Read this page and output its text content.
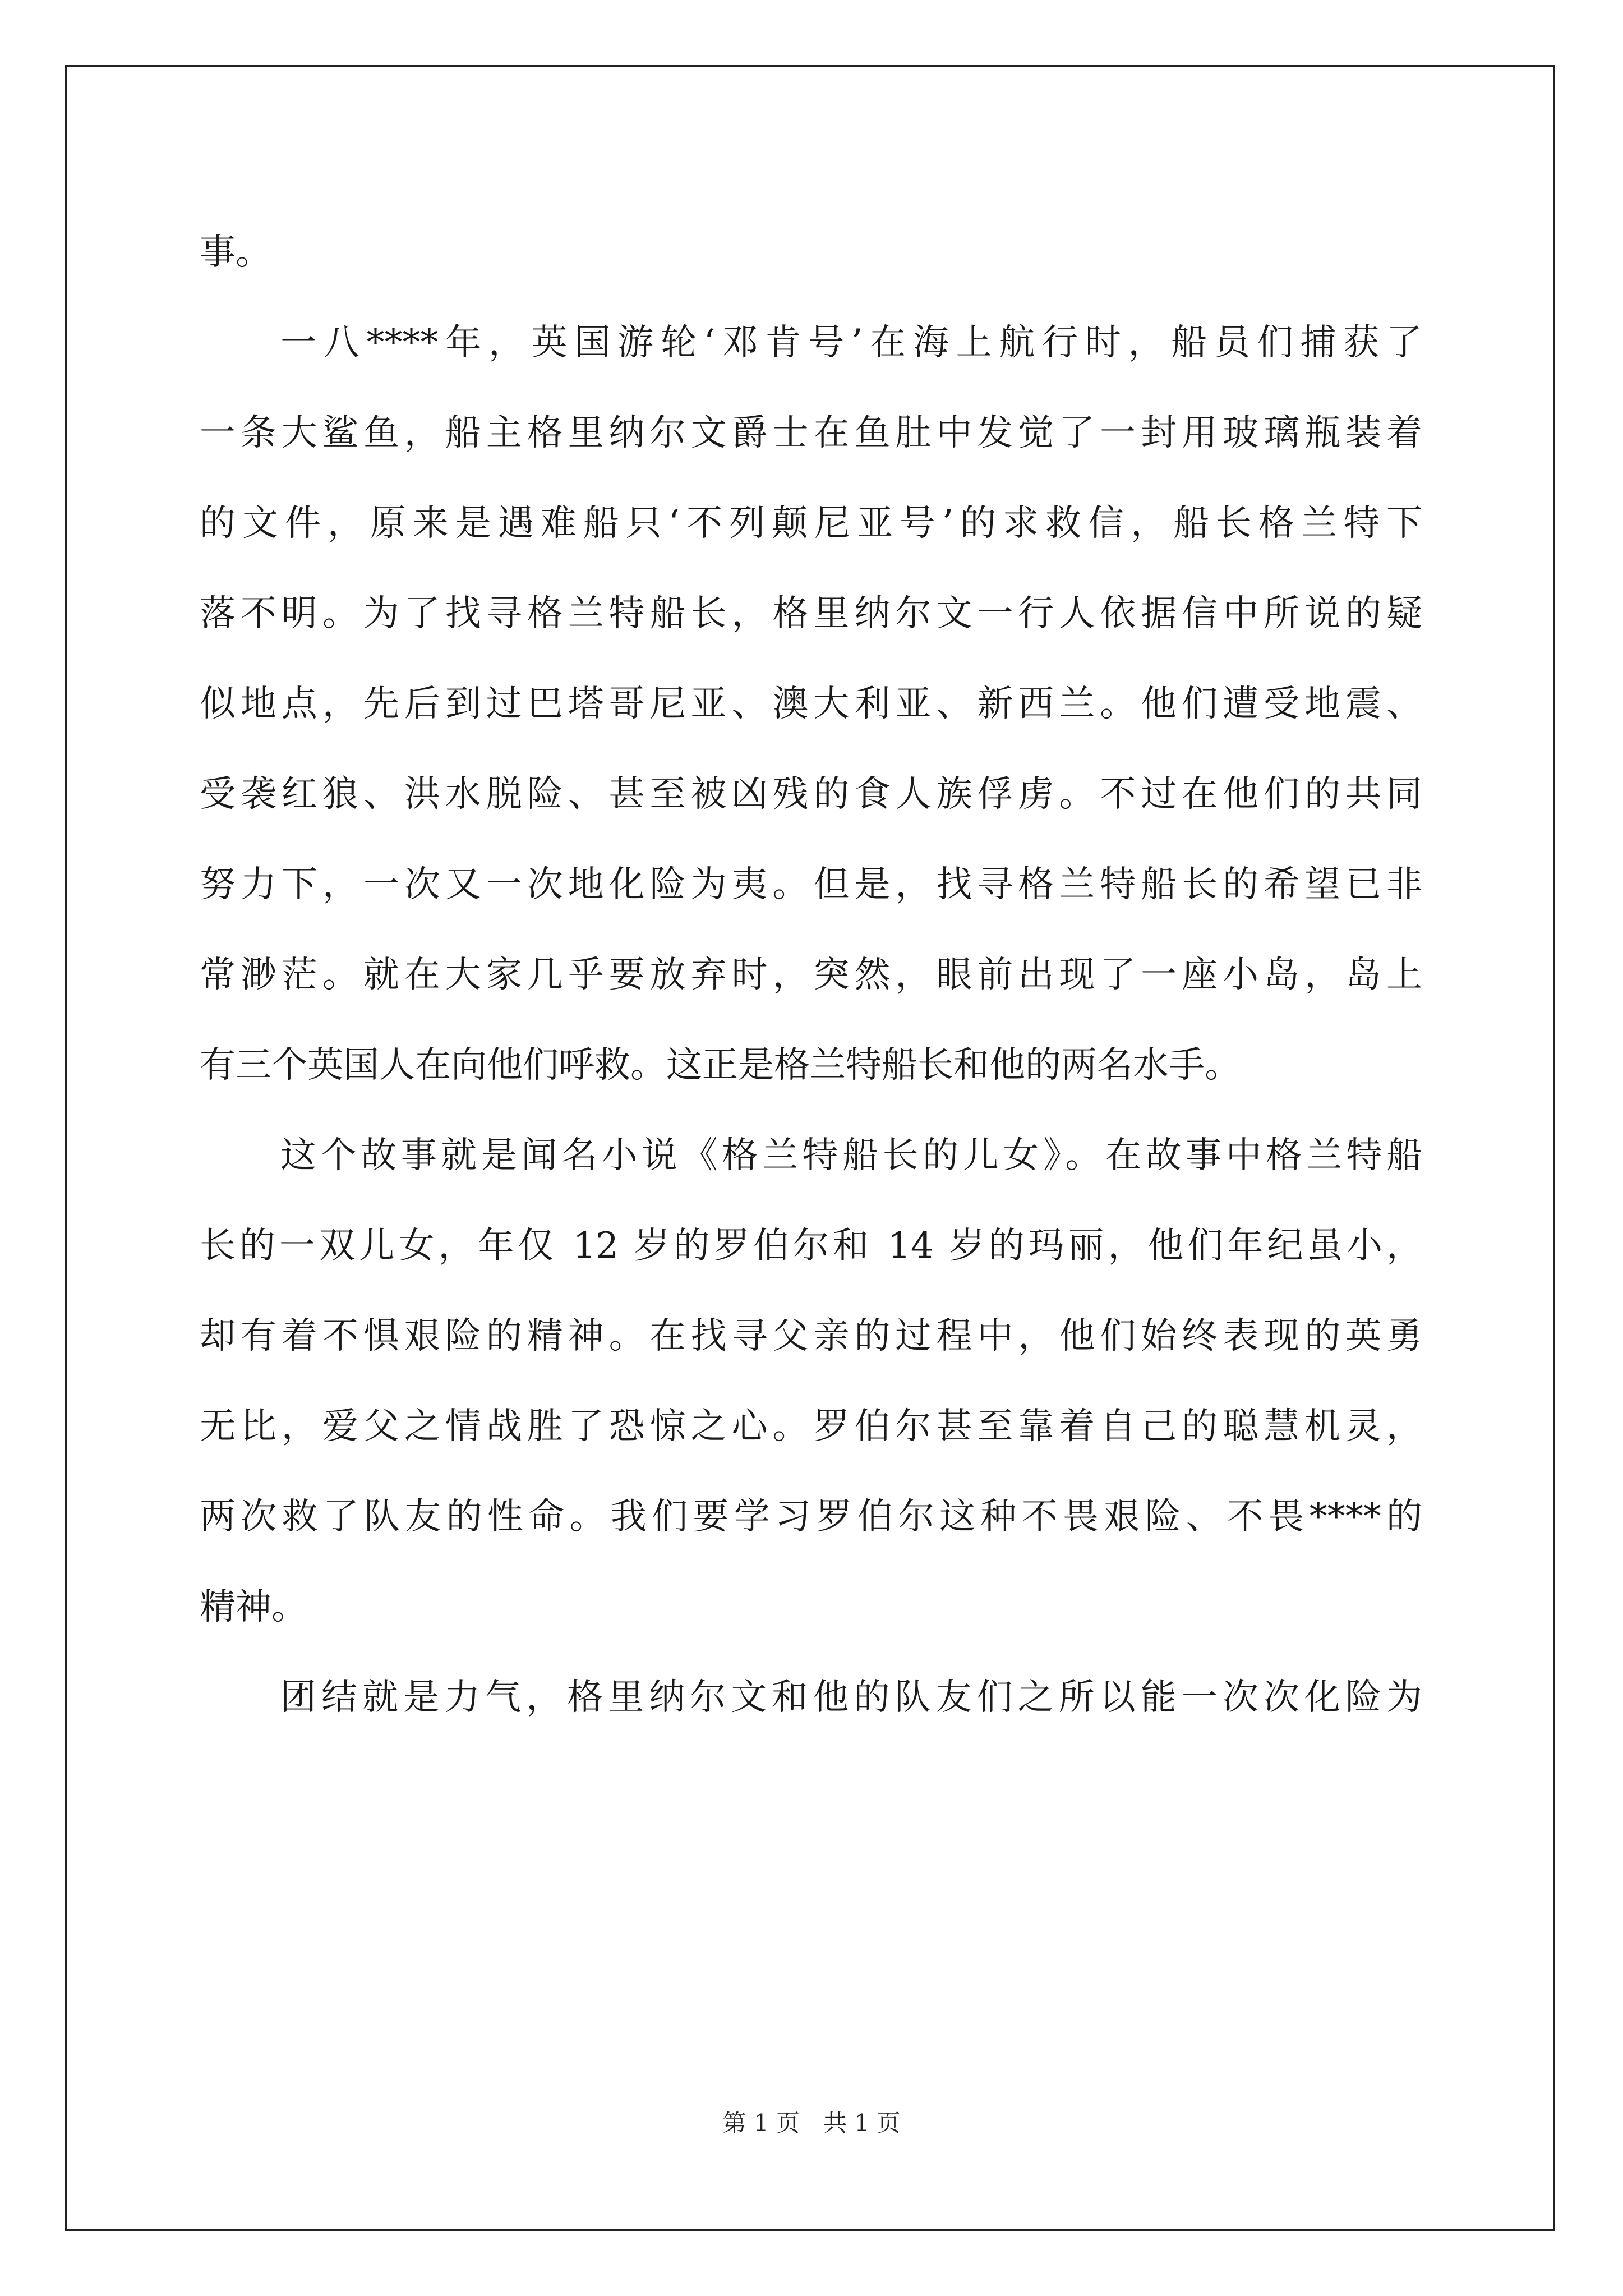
事。
一八****年，英国游轮‘邓肯号’在海上航行时，船员们捕获了
一条大鲨鱼，船主格里纳尔文爵士在鱼肚中发觉了一封用玻璃瓶装着
的文件，原来是遇难船只‘不列颠尼亚号’的求救信，船长格兰特下
落不明。为了找寻格兰特船长，格里纳尔文一行人依据信中所说的疑
似地点，先后到过巴塔哥尼亚、澳大利亚、新西兰。他们遭受地震、
受袭红狼、洪水脱险、甚至被凶残的食人族俘虏。不过在他们的共同
努力下，一次又一次地化险为夷。但是，找寻格兰特船长的希望已非
常渺茫。就在大家几乎要放弃时，突然，眼前出现了一座小岛，岛上
有三个英国人在向他们呼救。这正是格兰特船长和他的两名水手。
这个故事就是闻名小说《格兰特船长的儿女》。在故事中格兰特船
长的一双儿女，年仅 12 岁的罗伯尔和 14 岁的玛丽，他们年纪虽小，
却有着不惧艰险的精神。在找寻父亲的过程中，他们始终表现的英勇
无比，爱父之情战胜了恐惊之心。罗伯尔甚至靠着自己的聪慧机灵，
两次救了队友的性命。我们要学习罗伯尔这种不畏艰险、不畏****的
精神。
团结就是力气，格里纳尔文和他的队友们之所以能一次次化险为
第 1 页　共 1 页
